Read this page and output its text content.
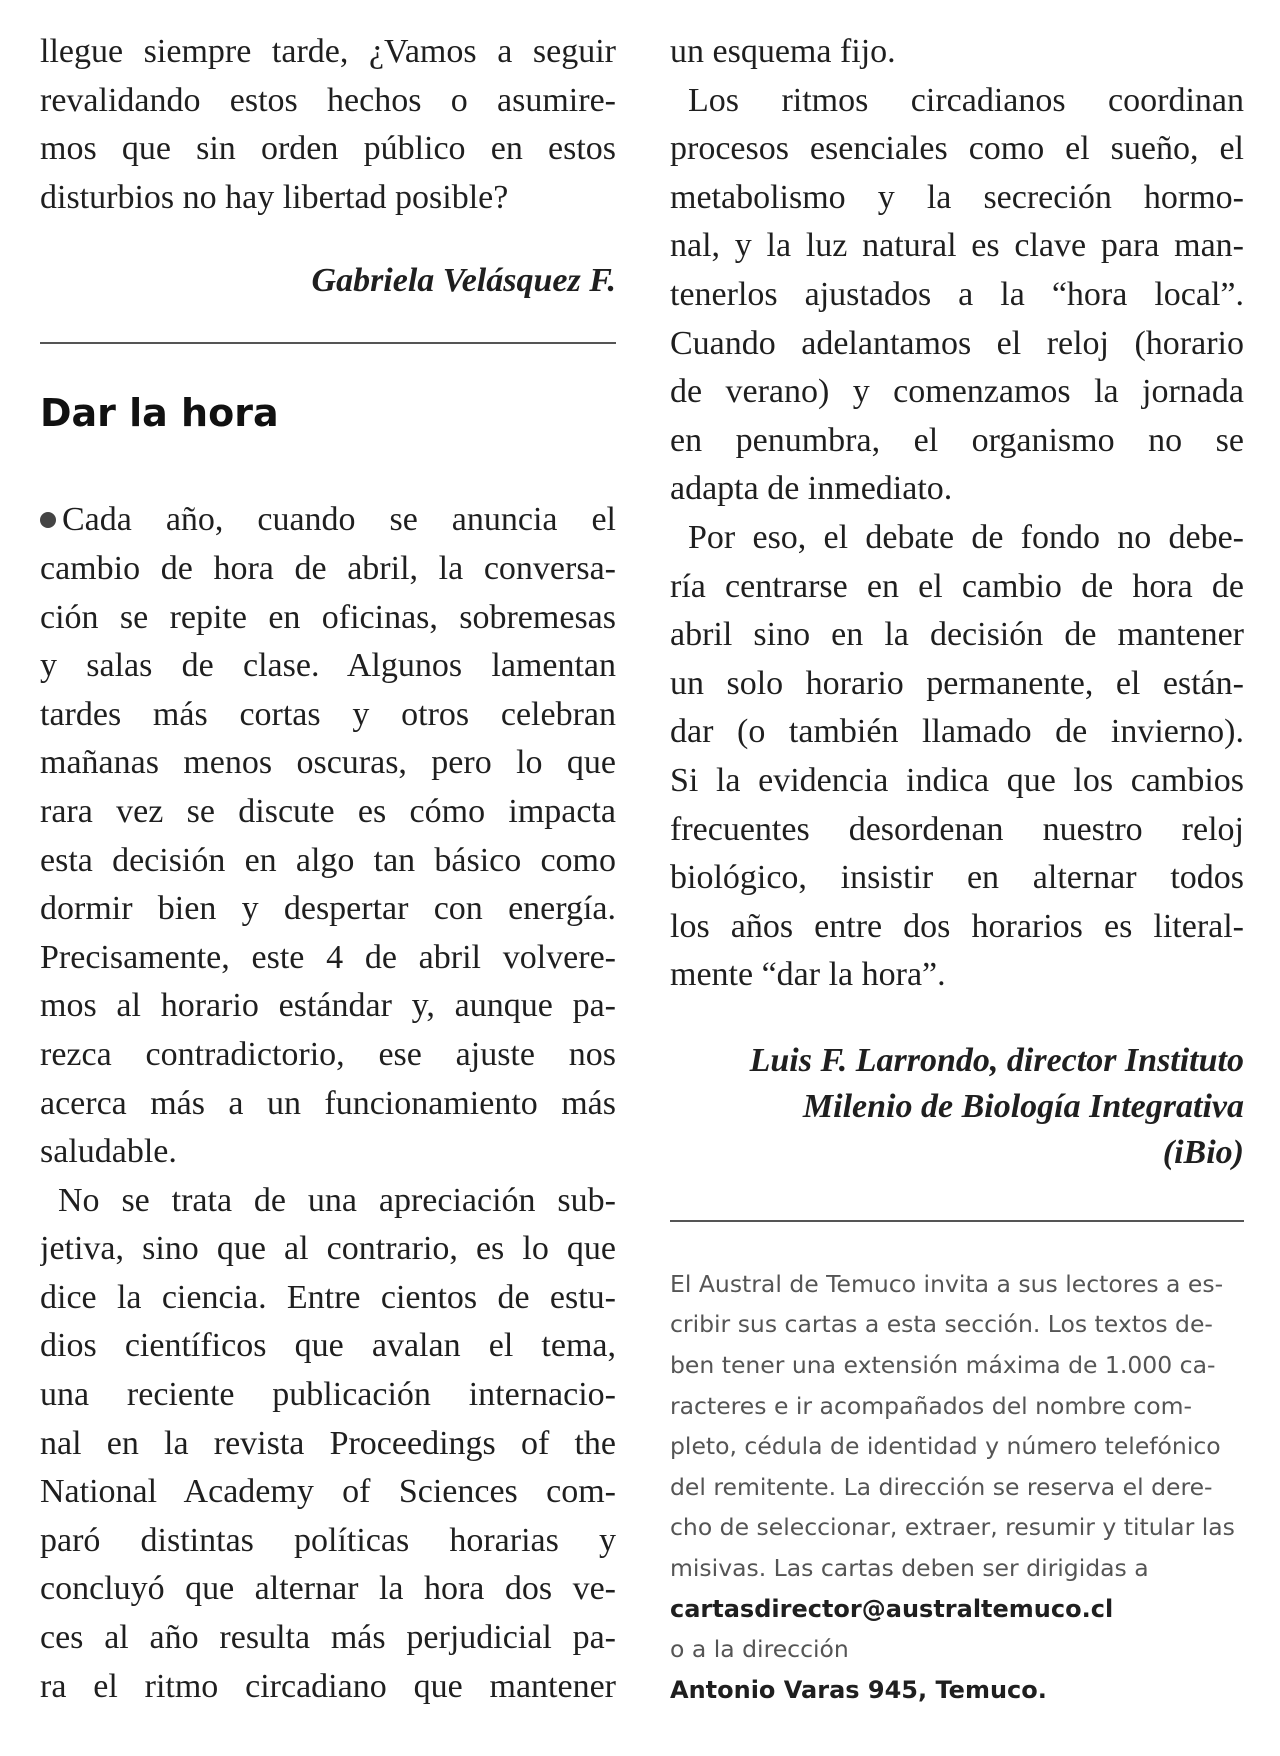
llegue siempre tarde, ¿Vamos a seguir
revalidando estos hechos o asumire-
mos que sin orden público en estos
disturbios no hay libertad posible?
Gabriela Velásquez F.
Dar la hora
Cada año, cuando se anuncia el
cambio de hora de abril, la conversa-
ción se repite en oficinas, sobremesas
y salas de clase. Algunos lamentan
tardes más cortas y otros celebran
mañanas menos oscuras, pero lo que
rara vez se discute es cómo impacta
esta decisión en algo tan básico como
dormir bien y despertar con energía.
Precisamente, este 4 de abril volvere-
mos al horario estándar y, aunque pa-
rezca contradictorio, ese ajuste nos
acerca más a un funcionamiento más
saludable.
No se trata de una apreciación sub-
jetiva, sino que al contrario, es lo que
dice la ciencia. Entre cientos de estu-
dios científicos que avalan el tema,
una reciente publicación internacio-
nal en la revista Proceedings of the
National Academy of Sciences com-
paró distintas políticas horarias y
concluyó que alternar la hora dos ve-
ces al año resulta más perjudicial pa-
ra el ritmo circadiano que mantener
un esquema fijo.
Los ritmos circadianos coordinan
procesos esenciales como el sueño, el
metabolismo y la secreción hormo-
nal, y la luz natural es clave para man-
tenerlos ajustados a la “hora local”.
Cuando adelantamos el reloj (horario
de verano) y comenzamos la jornada
en penumbra, el organismo no se
adapta de inmediato.
Por eso, el debate de fondo no debe-
ría centrarse en el cambio de hora de
abril sino en la decisión de mantener
un solo horario permanente, el están-
dar (o también llamado de invierno).
Si la evidencia indica que los cambios
frecuentes desordenan nuestro reloj
biológico, insistir en alternar todos
los años entre dos horarios es literal-
mente “dar la hora”.
Luis F. Larrondo, director Instituto
Milenio de Biología Integrativa
(iBio)
El Austral de Temuco invita a sus lectores a es-
cribir sus cartas a esta sección. Los textos de-
ben tener una extensión máxima de 1.000 ca-
racteres e ir acompañados del nombre com-
pleto, cédula de identidad y número telefónico
del remitente. La dirección se reserva el dere-
cho de seleccionar, extraer, resumir y titular las
misivas. Las cartas deben ser dirigidas a
cartasdirector@australtemuco.cl
o a la dirección
Antonio Varas 945, Temuco.
